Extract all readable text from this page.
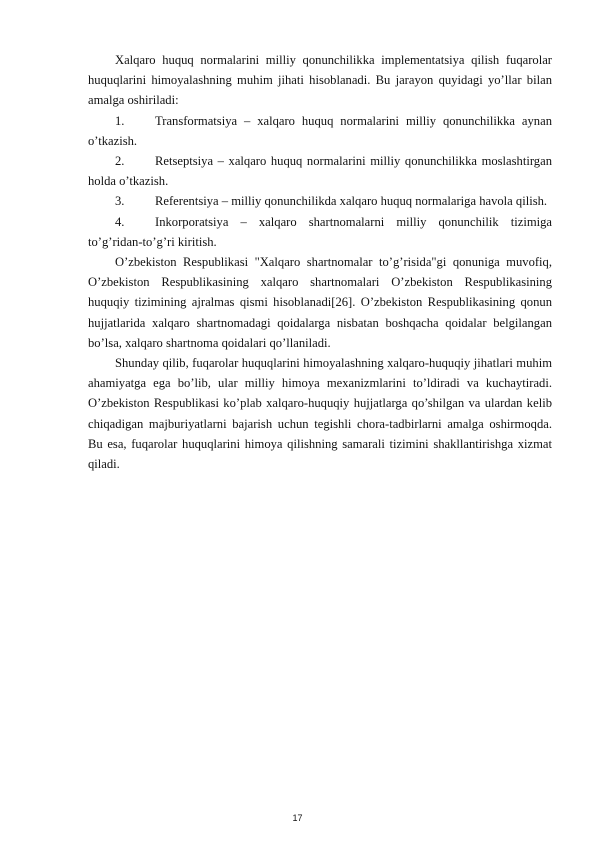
Xalqaro huquq normalarini milliy qonunchilikka implementatsiya qilish fuqarolar huquqlarini himoyalashning muhim jihati hisoblanadi. Bu jarayon quyidagi yo’llar bilan amalga oshiriladi:

1. Transformatsiya – xalqaro huquq normalarini milliy qonunchilikka aynan o’tkazish.
2. Retseptsiya – xalqaro huquq normalarini milliy qonunchilikka moslashtirgan holda o’tkazish.
3. Referentsiya – milliy qonunchilikda xalqaro huquq normalariga havola qilish.
4. Inkorporatsiya – xalqaro shartnomalarni milliy qonunchilik tizimiga to’g’ridan-to’g’ri kiritish.

O’zbekiston Respublikasi "Xalqaro shartnomalar to’g’risida"gi qonuniga muvofiq, O’zbekiston Respublikasining xalqaro shartnomalari O’zbekiston Respublikasining huquqiy tizimining ajralmas qismi hisoblanadi[26]. O’zbekiston Respublikasining qonun hujjatlarida xalqaro shartnomadagi qoidalarga nisbatan boshqacha qoidalar belgilangan bo’lsa, xalqaro shartnoma qoidalari qo’llaniladi.

Shunday qilib, fuqarolar huquqlarini himoyalashning xalqaro-huquqiy jihatlari muhim ahamiyatga ega bo’lib, ular milliy himoya mexanizmlarini to’ldiradi va kuchaytiradi. O’zbekiston Respublikasi ko’plab xalqaro-huquqiy hujjatlarga qo’shilgan va ulardan kelib chiqadigan majburiyatlarni bajarish uchun tegishli chora-tadbirlarni amalga oshirmoqda. Bu esa, fuqarolar huquqlarini himoya qilishning samarali tizimini shakllantirishga xizmat qiladi.

17
